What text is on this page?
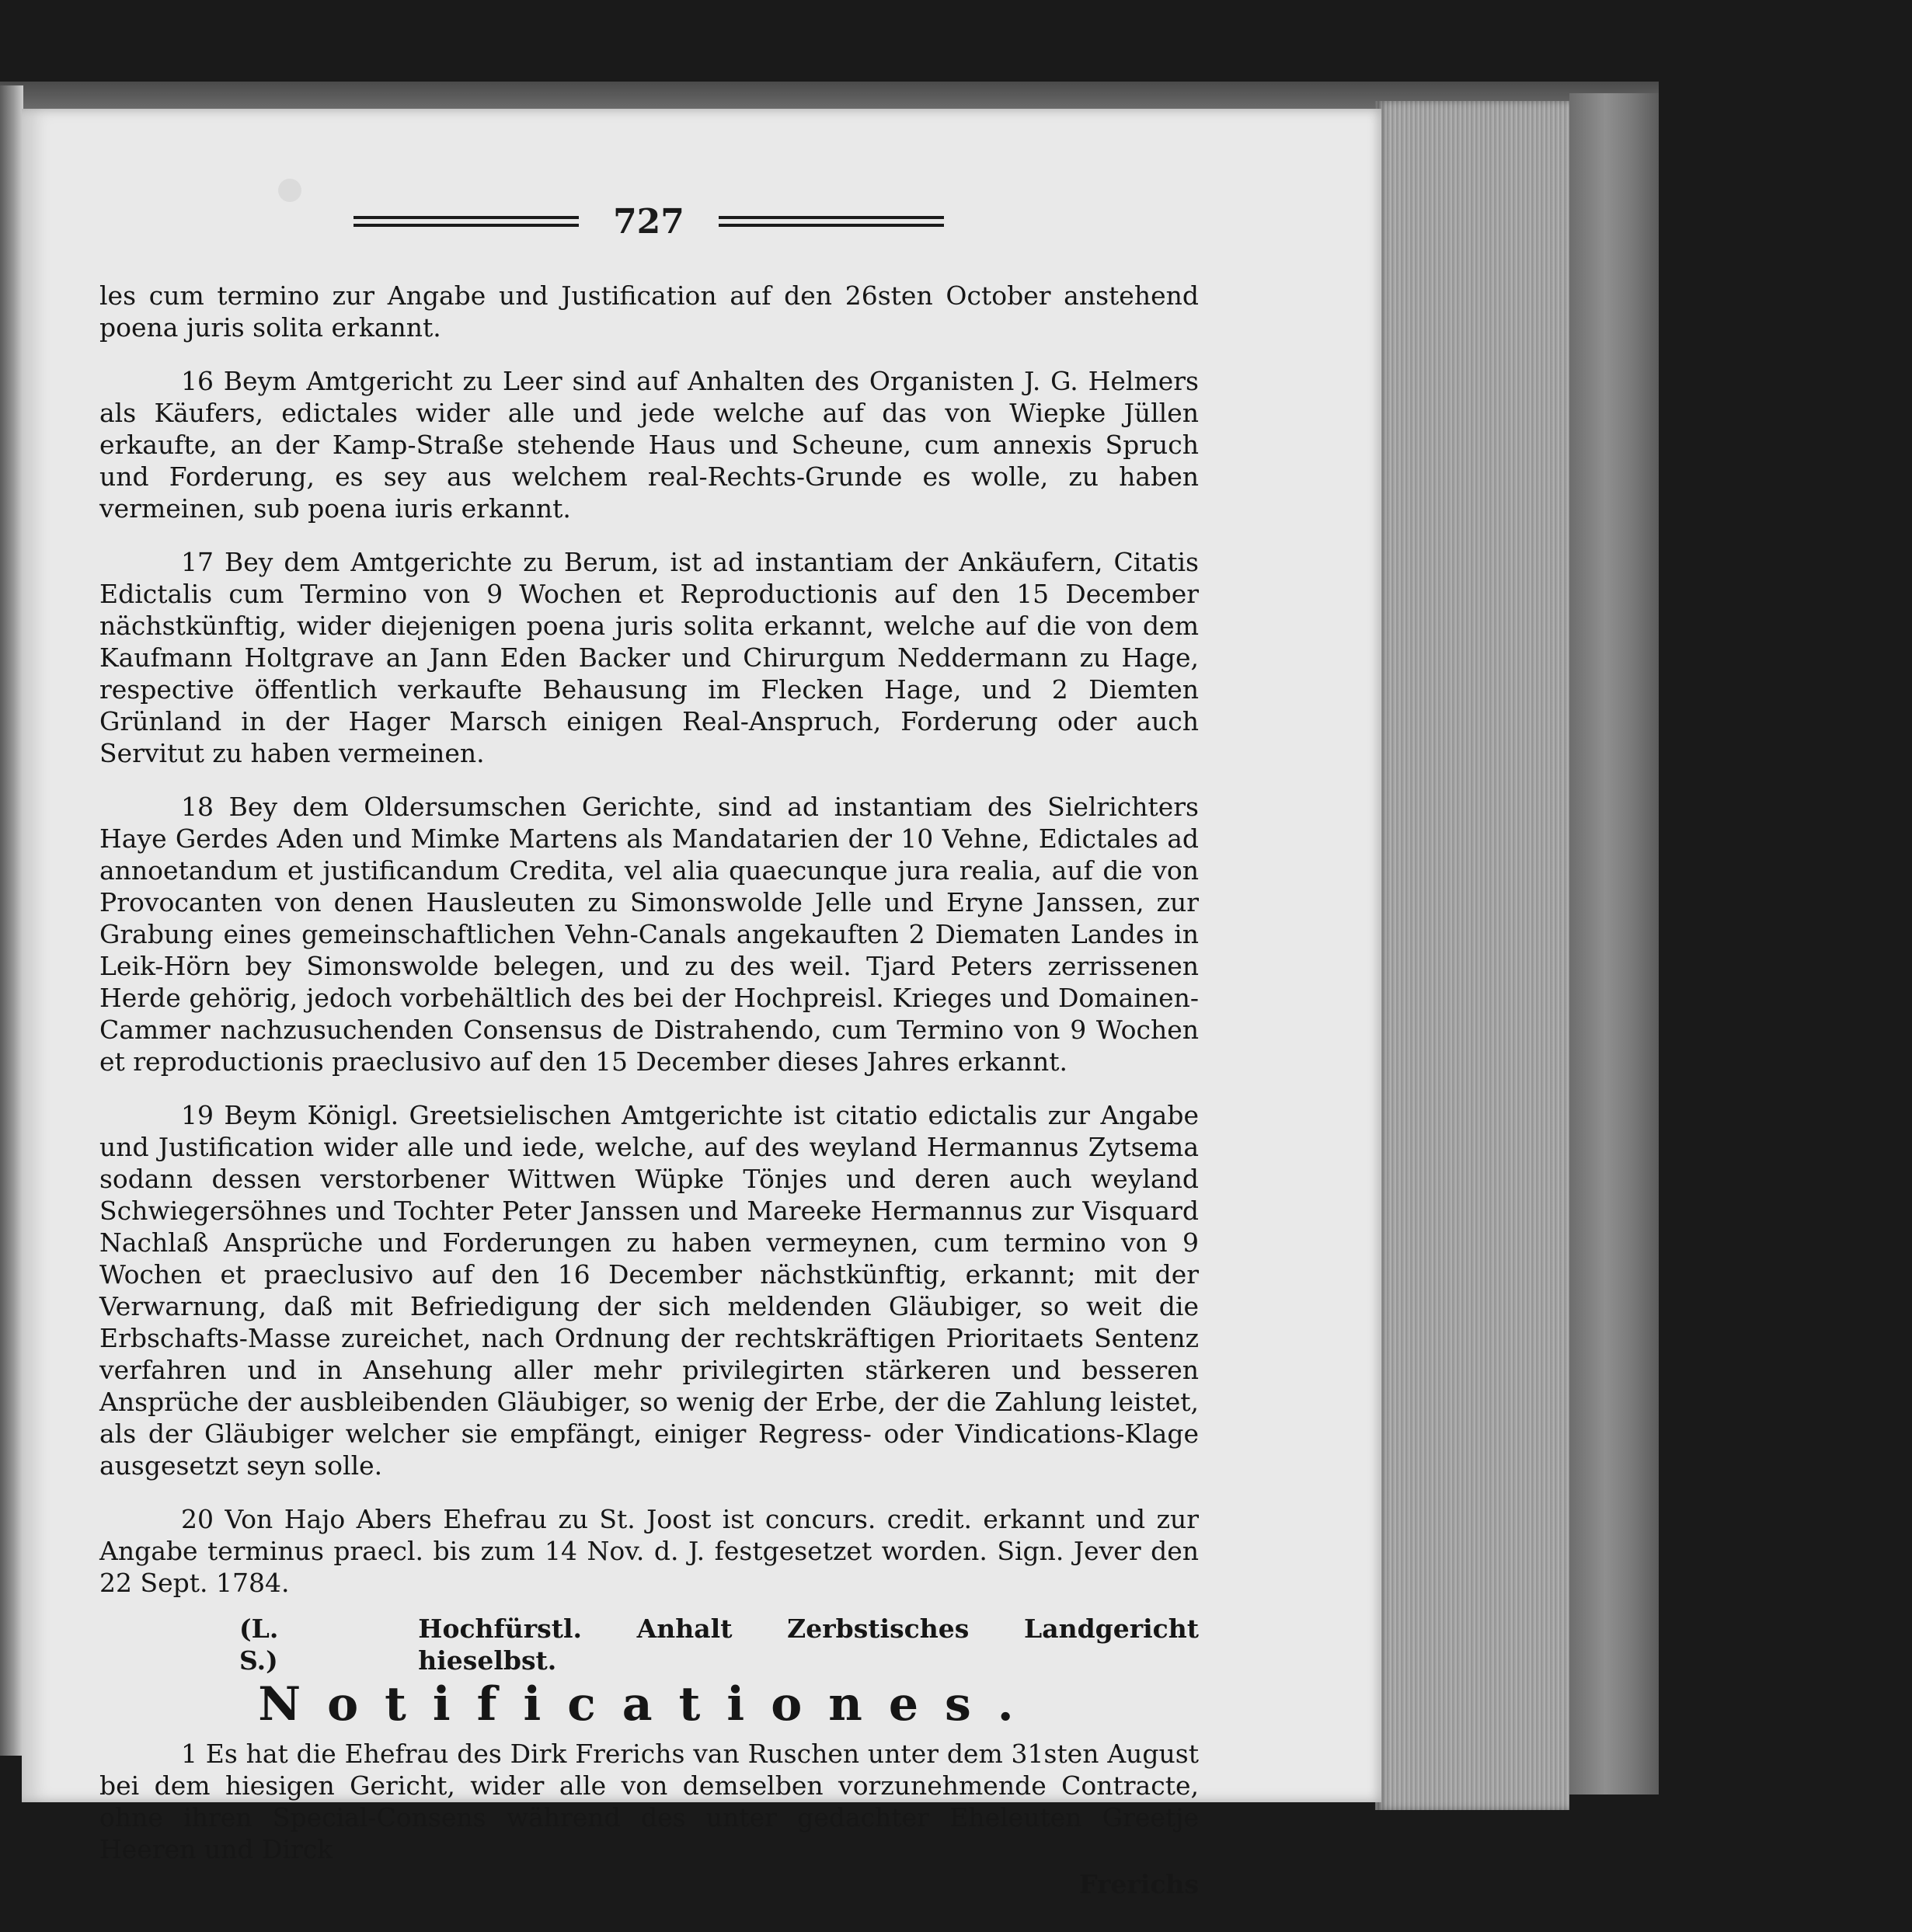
727

les cum termino zur Angabe und Justification auf den 26sten October anstehend poena juris solita erkannt.

16 Beym Amtgericht zu Leer sind auf Anhalten des Organisten J. G. Helmers als Käufers, edictales wider alle und jede welche auf das von Wiepke Jüllen erkaufte, an der Kamp-Straße stehende Haus und Scheune, cum annexis Spruch und Forderung, es sey aus welchem real-Rechts-Grunde es wolle, zu haben vermeinen, sub poena iuris erkannt.

17 Bey dem Amtgerichte zu Berum, ist ad instantiam der Ankäufern, Citatis Edictalis cum Termino von 9 Wochen et Reproductionis auf den 15 December nächstkünftig, wider diejenigen poena juris solita erkannt, welche auf die von dem Kaufmann Holtgrave an Jann Eden Backer und Chirurgum Neddermann zu Hage, respective öffentlich verkaufte Behausung im Flecken Hage, und 2 Diemten Grünland in der Hager Marsch einigen Real-Anspruch, Forderung oder auch Servitut zu haben vermeinen.

18 Bey dem Oldersumschen Gerichte, sind ad instantiam des Sielrichters Haye Gerdes Aden und Mimke Martens als Mandatarien der 10 Vehne, Edictales ad annoetandum et justificandum Credita, vel alia quaecunque jura realia, auf die von Provocanten von denen Hausleuten zu Simonswolde Jelle und Eryne Janssen, zur Grabung eines gemeinschaftlichen Vehn-Canals angekauften 2 Diematen Landes in Leik-Hörn bey Simonswolde belegen, und zu des weil. Tjard Peters zerrissenen Herde gehörig, jedoch vorbehältlich des bei der Hochpreisl. Krieges und Domainen-Cammer nachzusuchenden Consensus de Distrahendo, cum Termino von 9 Wochen et reproductionis praeclusivo auf den 15 December dieses Jahres erkannt.

19 Beym Königl. Greetsielischen Amtgerichte ist citatio edictalis zur Angabe und Justification wider alle und iede, welche, auf des weyland Hermannus Zytsema sodann dessen verstorbener Wittwen Wüpke Tönjes und deren auch weyland Schwiegersöhnes und Tochter Peter Janssen und Mareeke Hermannus zur Visquard Nachlaß Ansprüche und Forderungen zu haben vermeynen, cum termino von 9 Wochen et praeclusivo auf den 16 December nächstkünftig, erkannt; mit der Verwarnung, daß mit Befriedigung der sich meldenden Gläubiger, so weit die Erbschafts-Masse zureichet, nach Ordnung der rechtskräftigen Prioritaets Sentenz verfahren und in Ansehung aller mehr privilegirten stärkeren und besseren Ansprüche der ausbleibenden Gläubiger, so wenig der Erbe, der die Zahlung leistet, als der Gläubiger welcher sie empfängt, einiger Regress- oder Vindications-Klage ausgesetzt seyn solle.

20 Von Hajo Abers Ehefrau zu St. Joost ist concurs. credit. erkannt und zur Angabe terminus praecl. bis zum 14 Nov. d. J. festgesetzet worden. Sign. Jever den 22 Sept. 1784.

(L. S.)
Hochfürstl. Anhalt Zerbstisches Landgericht hieselbst.
Notificationes.

1 Es hat die Ehefrau des Dirk Frerichs van Ruschen unter dem 31sten August bei dem hiesigen Gericht, wider alle von demselben vorzunehmende Contracte, ohne ihren Special-Consens während des unter gedachter Eheleuten Greetje Heeren und Dirck

Frerichs
